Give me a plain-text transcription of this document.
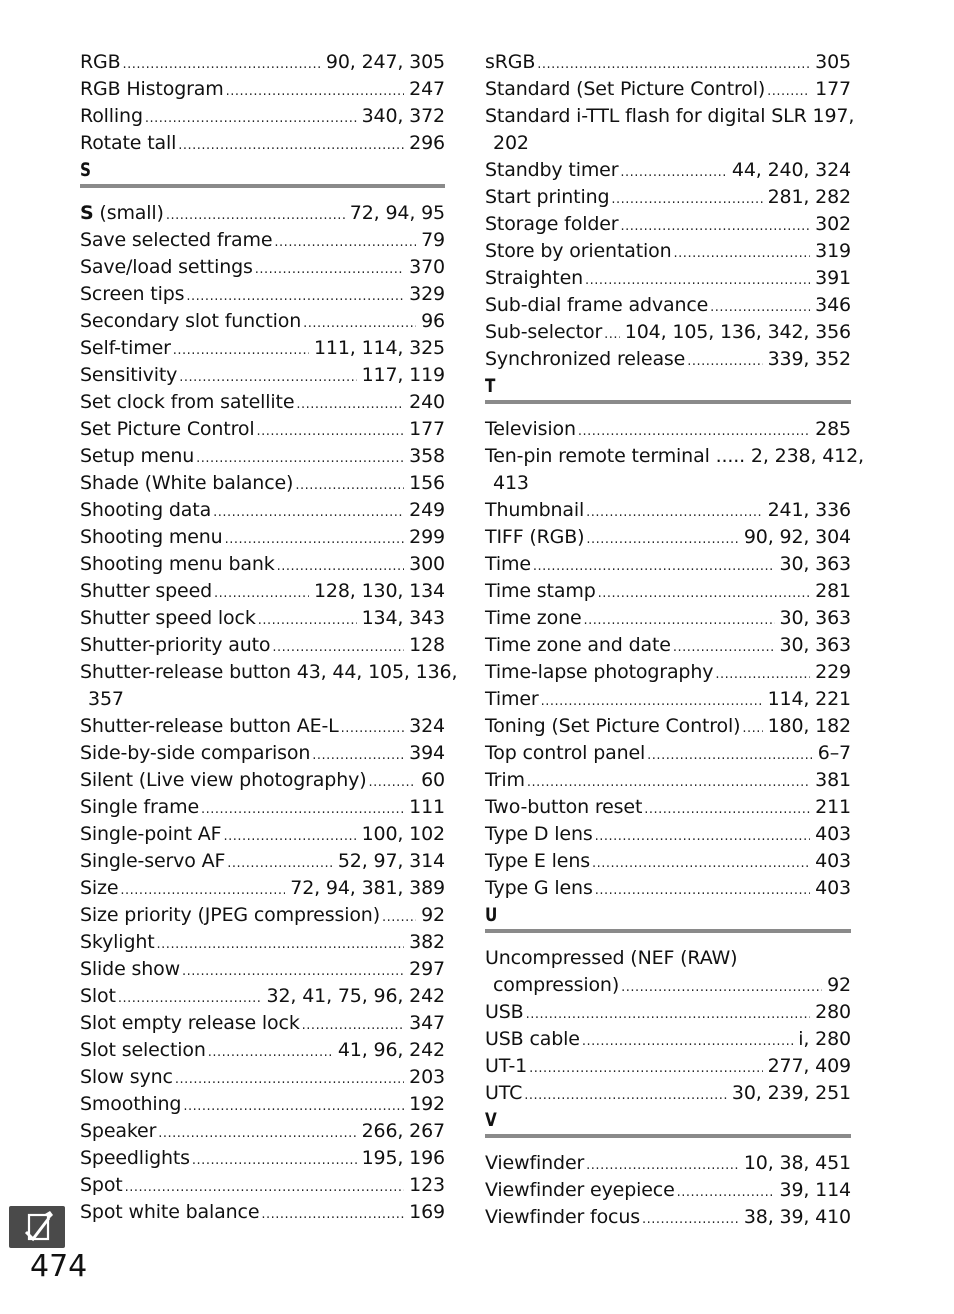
RGB .....	90, 247, 305
RGB Histogram .....	247
Rolling .....	340, 372
Rotate tall .....	296
S
S (small) .....	72, 94, 95
Save selected frame .....	79
Save/load settings .....	370
Screen tips .....	329
Secondary slot function .....	96
Self-timer .....	111, 114, 325
Sensitivity .....	117, 119
Set clock from satellite .....	240
Set Picture Control .....	177
Setup menu .....	358
Shade (White balance) .....	156
Shooting data .....	249
Shooting menu .....	299
Shooting menu bank .....	300
Shutter speed .....	128, 130, 134
Shutter speed lock .....	134, 343
Shutter-priority auto .....	128
Shutter-release button 43, 44, 105, 136,
357
Shutter-release button AE-L .....	324
Side-by-side comparison .....	394
Silent (Live view photography) .....	60
Single frame .....	111
Single-point AF .....	100, 102
Single-servo AF .....	52, 97, 314
Size .....	72, 94, 381, 389
Size priority (JPEG compression) ..... 92
Skylight .....	382
Slide show .....	297
Slot .....	32, 41, 75, 96, 242
Slot empty release lock .....	347
Slot selection .....	41, 96, 242
Slow sync .....	203
Smoothing .....	192
Speaker .....	266, 267
Speedlights .....	195, 196
Spot .....	123
Spot white balance .....	169
sRGB .....	305
Standard (Set Picture Control) .....	177
Standard i-TTL flash for digital SLR 197,
202
Standby timer .....	44, 240, 324
Start printing .....	281, 282
Storage folder .....	302
Store by orientation .....	319
Straighten .....	391
Sub-dial frame advance .....	346
Sub-selector ..... 104, 105, 136, 342, 356
Synchronized release .....	339, 352
T
Television .....	285
Ten-pin remote terminal ..... 2, 238, 412,
413
Thumbnail .....	241, 336
TIFF (RGB) .....	90, 92, 304
Time .....	30, 363
Time stamp .....	281
Time zone .....	30, 363
Time zone and date .....	30, 363
Time-lapse photography .....	229
Timer .....	114, 221
Toning (Set Picture Control) ..... 180, 182
Top control panel .....	6–7
Trim .....	381
Two-button reset .....	211
Type D lens .....	403
Type E lens .....	403
Type G lens .....	403
U
Uncompressed (NEF (RAW)
compression) .....	92
USB .....	280
USB cable .....	i, 280
UT-1 .....	277, 409
UTC .....	30, 239, 251
V
Viewfinder .....	10, 38, 451
Viewfinder eyepiece .....	39, 114
Viewfinder focus .....	38, 39, 410
474
